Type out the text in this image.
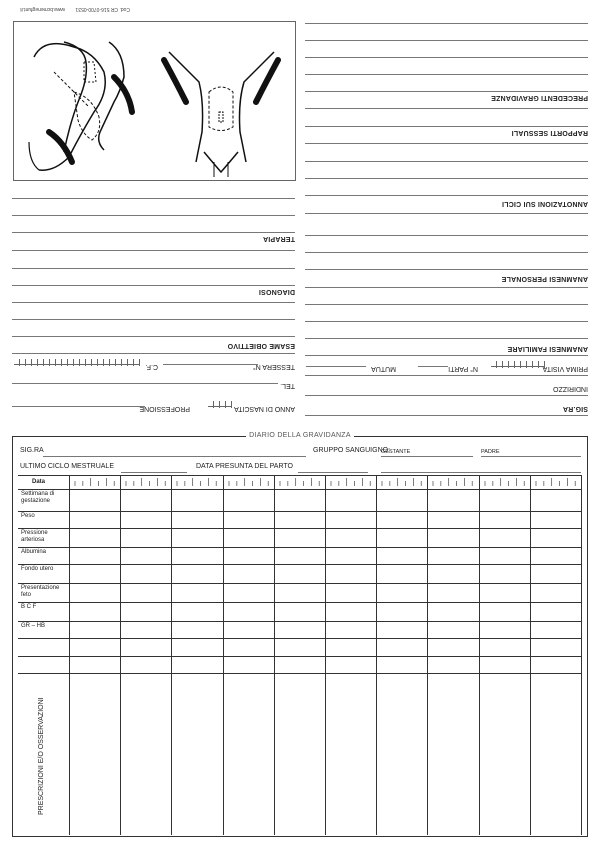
Cod. CR 516-0700-0531
www.bcmenegfunt.it
SIG.RA
INDIRIZZO
PRIMA VISITA
N° PARTI
MUTUA
ANAMNESI FAMILIARE
ANAMNESI PERSONALE
ANNOTAZIONI SUI CICLI
RAPPORTI SESSUALI
PRECEDENTI GRAVIDANZE
ANNO DI NASCITA
PROFESSIONE
TEL.
TESSERA N°
C.F.
ESAME OBIETTIVO
DIAGNOSI
TERAPIA
DIARIO DELLA GRAVIDANZA
SIG.RA	GRUPPO SANGUIGNO:
GESTANTE	PADRE
ULTIMO CICLO MESTRUALE	DATA PRESUNTA DEL PARTO
Data
Settimana di gestazione
Peso
Pressione arteriosa
Albumina
Fondo utero
Presentazione feto
B C F
GR – HB
PRESCRIZIONI E/O OSSERVAZIONI
